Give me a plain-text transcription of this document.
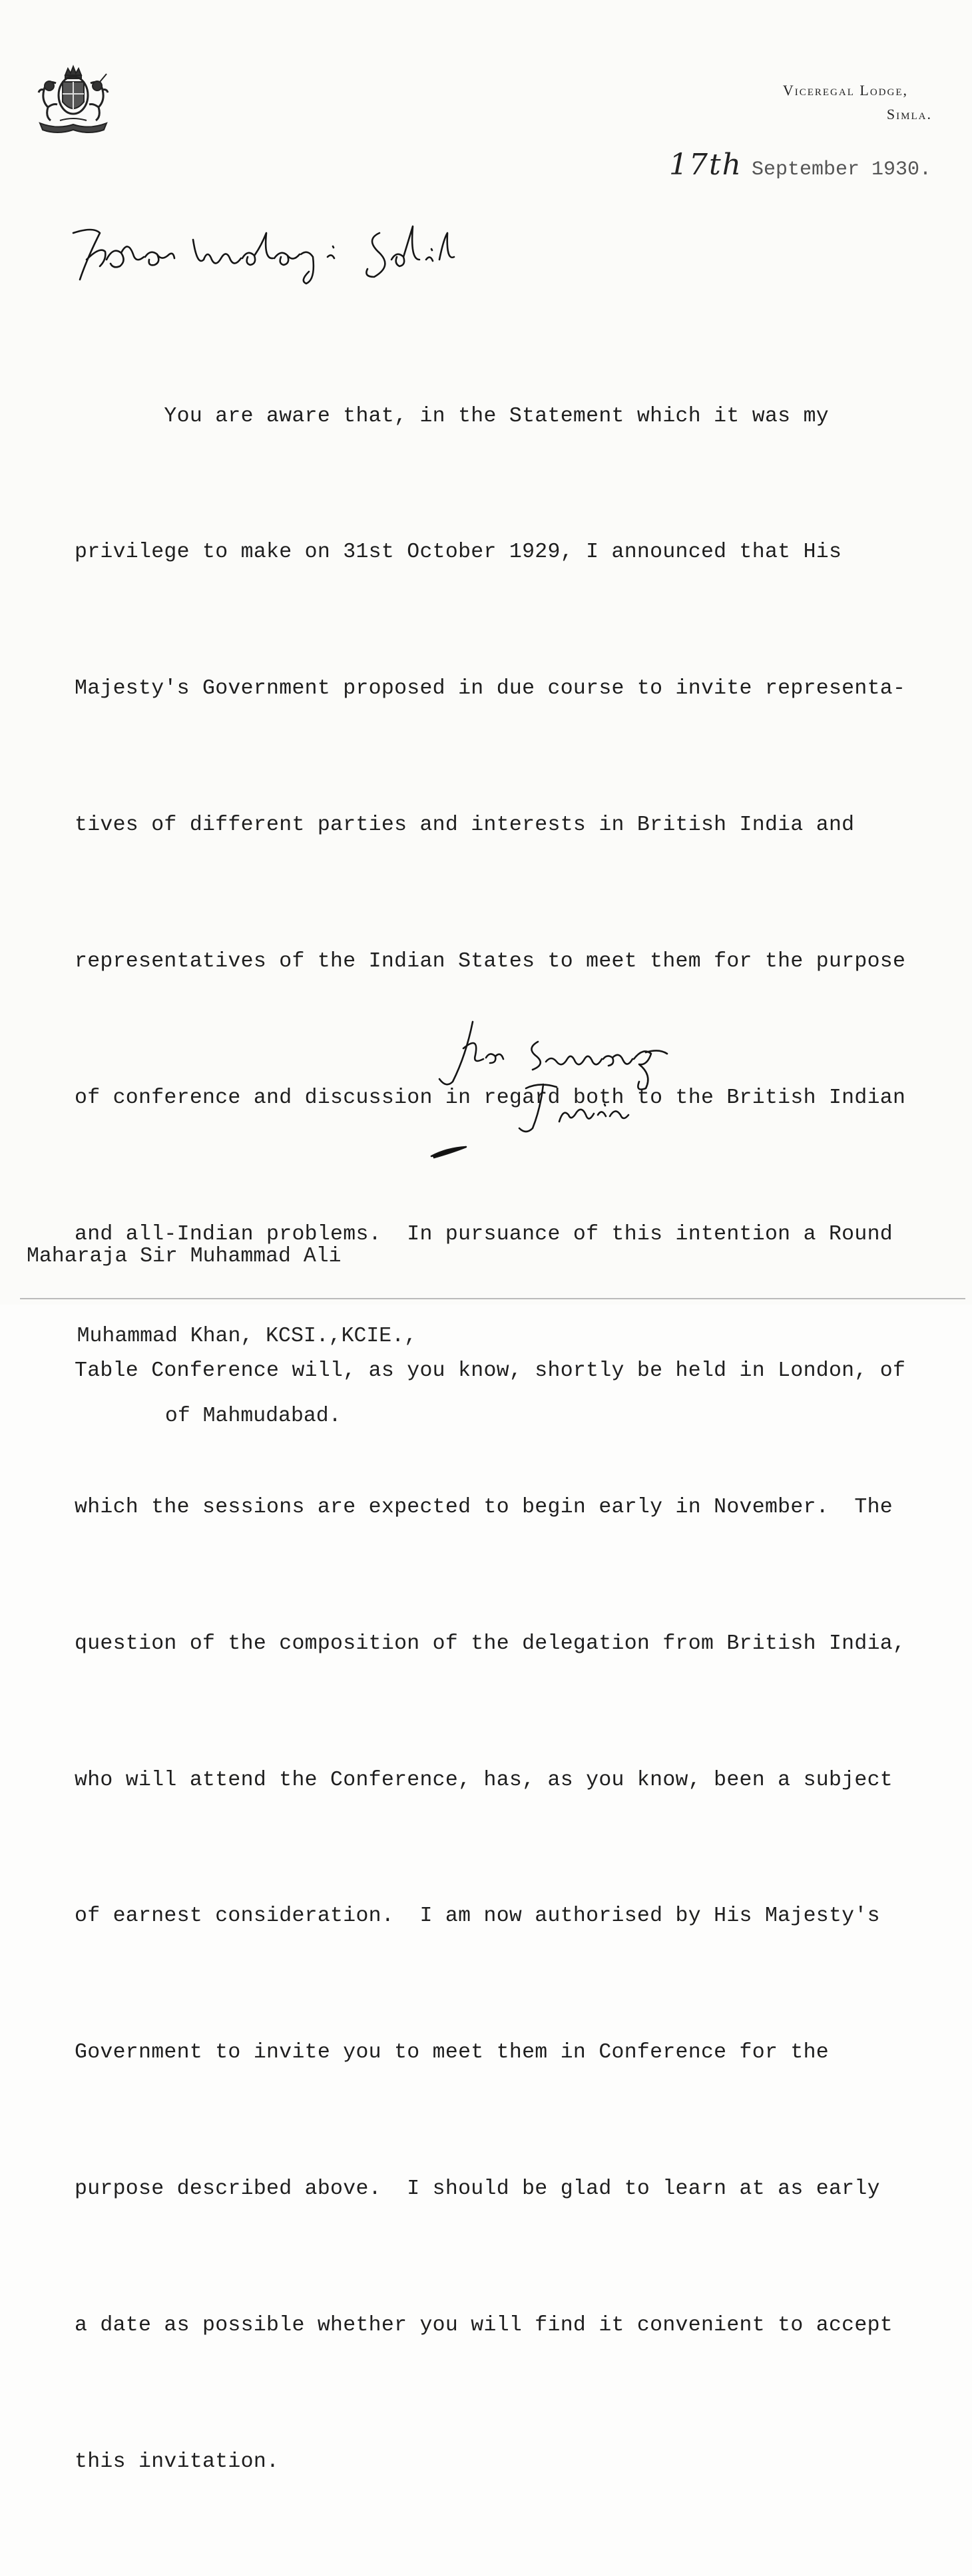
Viceregal Lodge,
Simla.
17th September 1930.

You are aware that, in the Statement which it was my

privilege to make on 31st October 1929, I announced that His

Majesty's Government proposed in due course to invite representa-

tives of different parties and interests in British India and

representatives of the Indian States to meet them for the purpose

of conference and discussion in regard both to the British Indian

and all-Indian problems.  In pursuance of this intention a Round

Table Conference will, as you know, shortly be held in London, of

which the sessions are expected to begin early in November.  The

question of the composition of the delegation from British India,

who will attend the Conference, has, as you know, been a subject

of earnest consideration.  I am now authorised by His Majesty's

Government to invite you to meet them in Conference for the

purpose described above.  I should be glad to learn at as early

a date as possible whether you will find it convenient to accept

this invitation.

Maharaja Sir Muhammad Ali

Muhammad Khan, KCSI.,KCIE.,

of Mahmudabad.
